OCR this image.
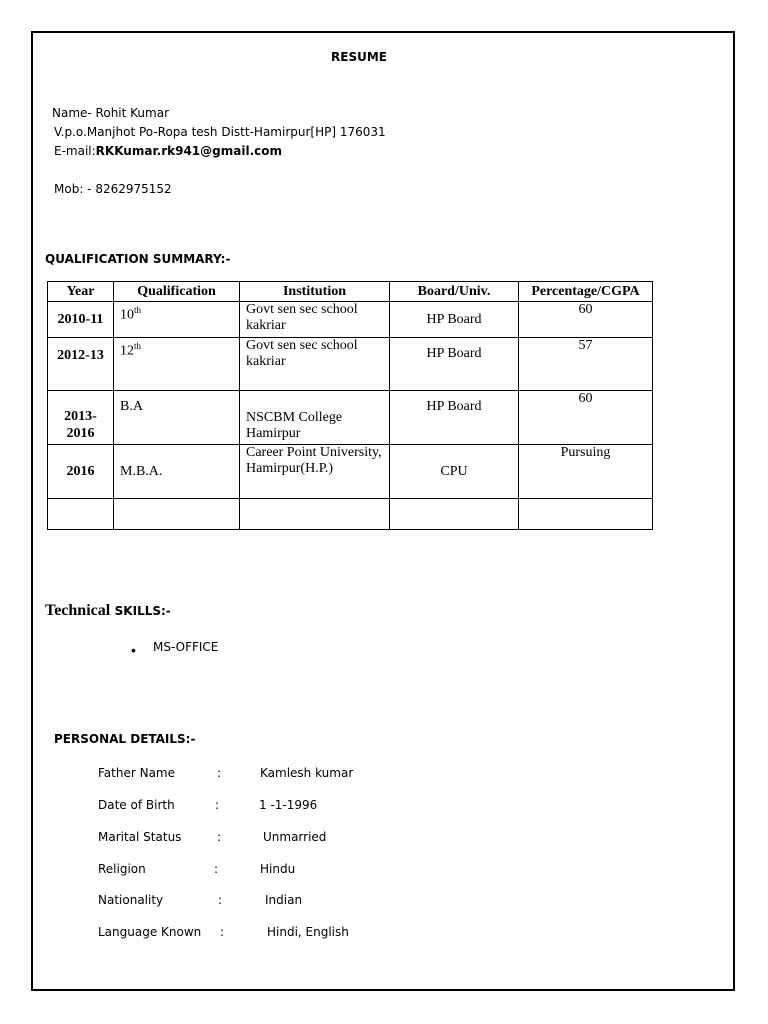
RESUME
Name- Rohit Kumar
V.p.o.Manjhot Po-Ropa tesh Distt-Hamirpur[HP] 176031
E-mail:RKKumar.rk941@gmail.com
Mob: - 8262975152
QUALIFICATION SUMMARY:-
Year	Qualification	Institution	Board/Univ.	Percentage/CGPA
2010-11	10th	Govt sen sec school kakriar	HP Board	60
2012-13	12th	Govt sen sec school kakriar	HP Board	57
2013-2016	B.A	NSCBM College Hamirpur	HP Board	60
2016	M.B.A.	Career Point University, Hamirpur(H.P.)	CPU	Pursuing

Technical SKILLS:-
• MS-OFFICE
PERSONAL DETAILS:-
Father Name	:	Kamlesh kumar
Date of Birth	:	1 -1-1996
Marital Status	:	Unmarried
Religion	:	Hindu
Nationality	:	Indian
Language Known :	Hindi, English
